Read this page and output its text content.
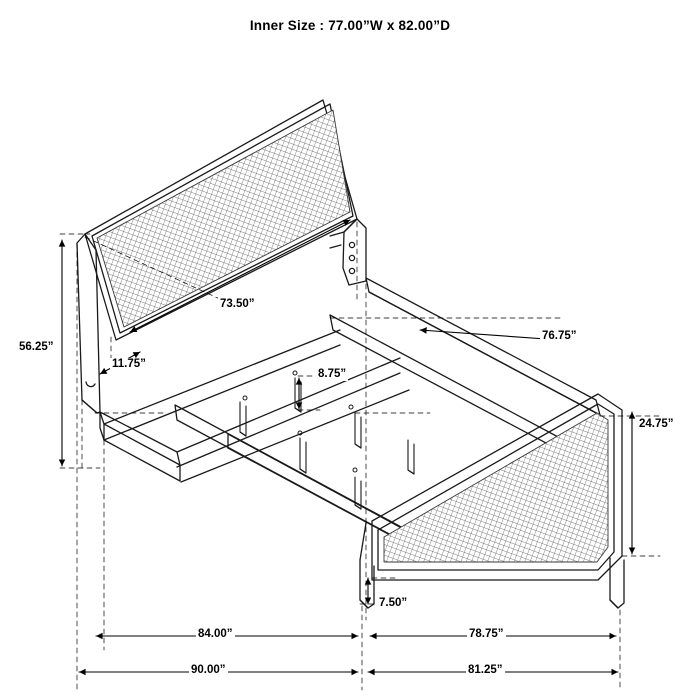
Inner Size : 77.00”W x 82.00”D
73.50”
56.25”
11.75”
8.75”
76.75”
24.75”
7.50”
84.00”	78.75”
90.00”	81.25”
